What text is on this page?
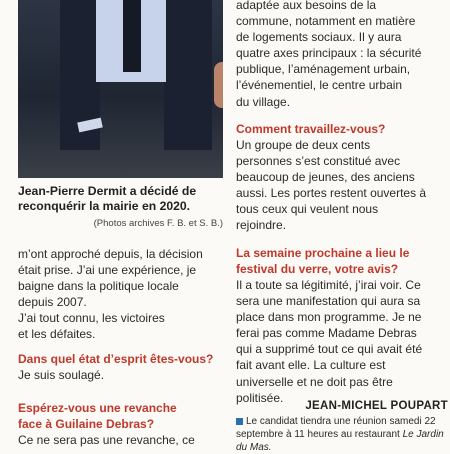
Jean-Pierre Dermit a décidé de reconquérir la mairie en 2020.
(Photos archives F. B. et S. B.)

m’ont approché depuis, la décision

était prise. J’ai une expérience, je

baigne dans la politique locale

depuis 2007.

J’ai tout connu, les victoires

et les défaites.

Dans quel état d’esprit êtes-vous?

Je suis soulagé.

Espérez-vous une revanche

face à Guilaine Debras?

Ce ne sera pas une revanche, ce

adaptée aux besoins de la

commune, notamment en matière

de logements sociaux. Il y aura

quatre axes principaux : la sécurité

publique, l’aménagement urbain,

l’événementiel, le centre urbain

du village.

Comment travaillez-vous?

Un groupe de deux cents

personnes s’est constitué avec

beaucoup de jeunes, des anciens

aussi. Les portes restent ouvertes à

tous ceux qui veulent nous

rejoindre.

La semaine prochaine a lieu le

festival du verre, votre avis?

Il a toute sa légitimité, j’irai voir. Ce

sera une manifestation qui aura sa

place dans mon programme. Je ne

ferai pas comme Madame Debras

qui a supprimé tout ce qui avait été

fait avant elle. La culture est

universelle et ne doit pas être

politisée.

JEAN-MICHEL POUPART
Le candidat tiendra une réunion samedi 22 septembre à 11 heures au restaurant Le Jardin du Mas.
